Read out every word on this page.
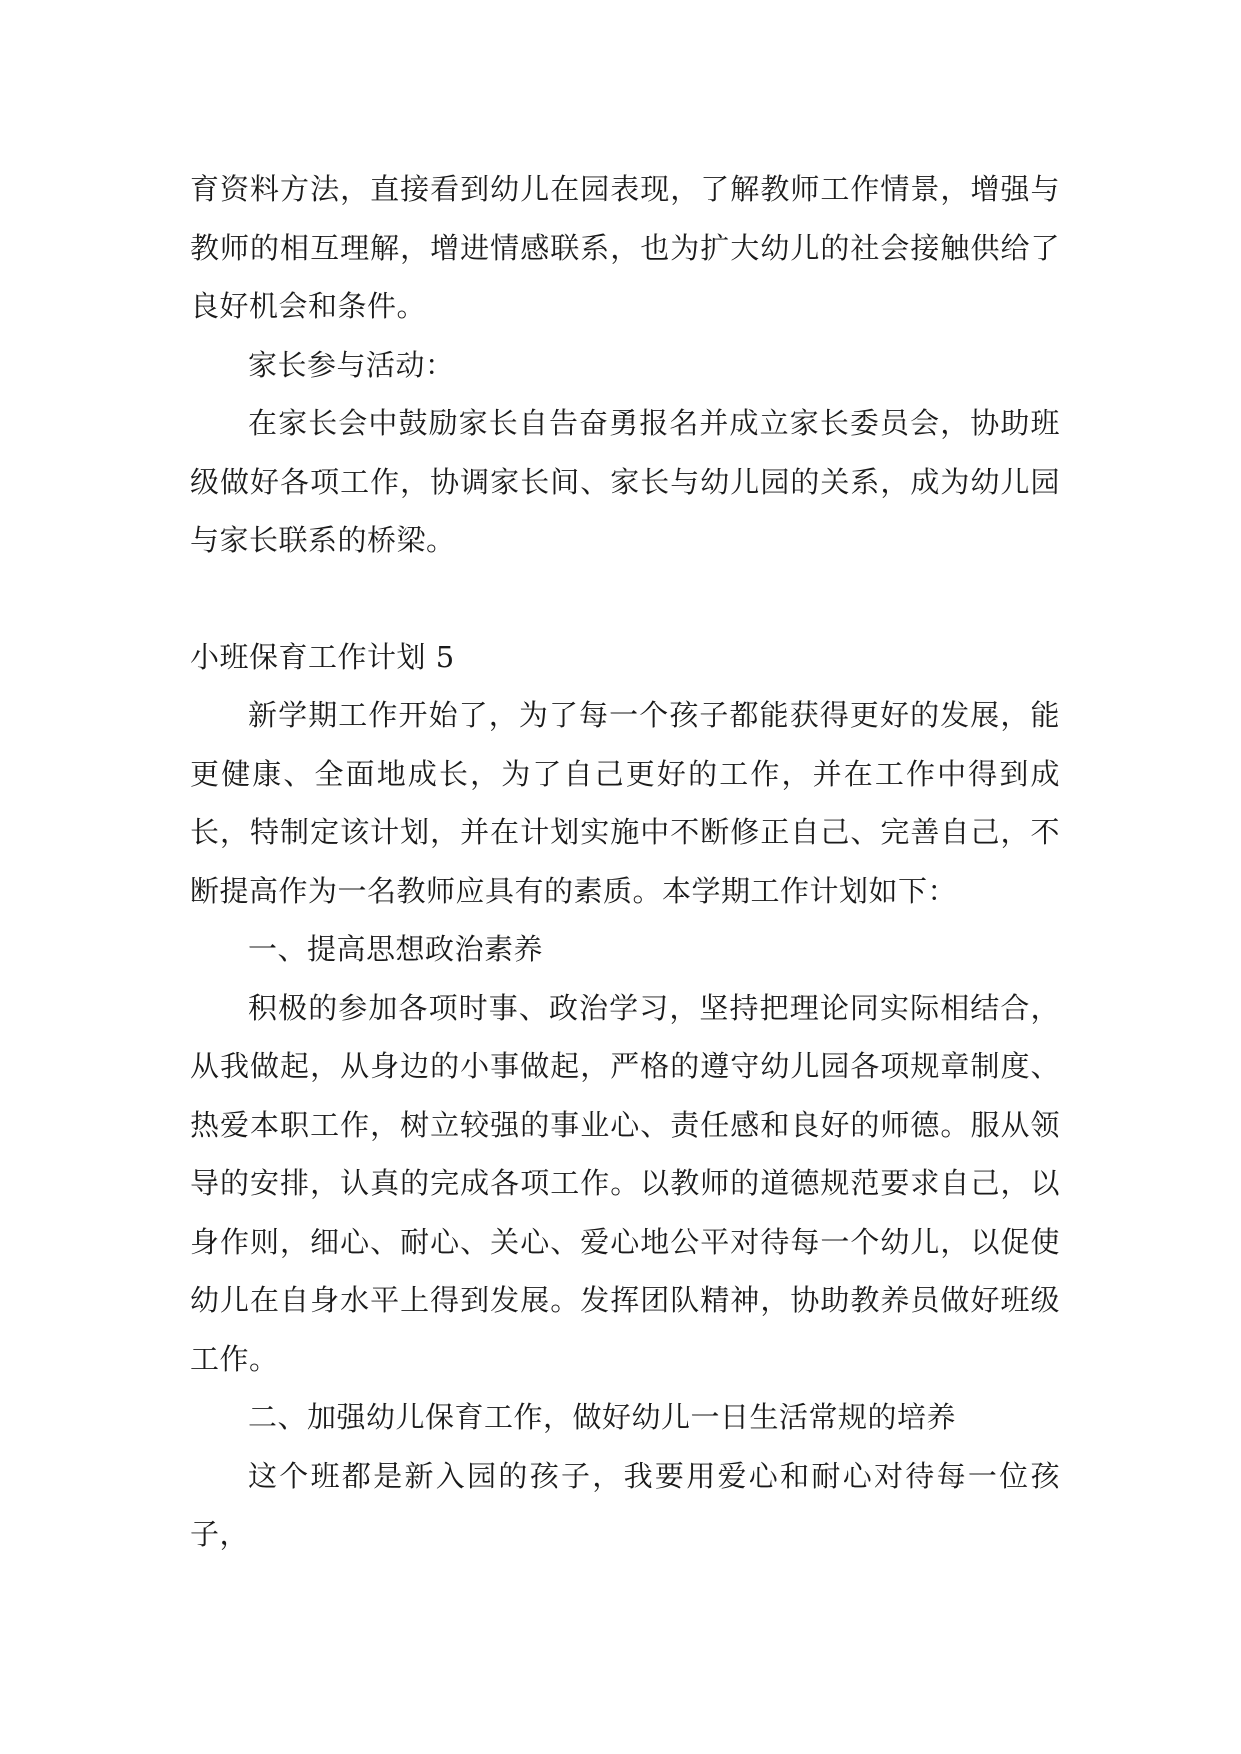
育资料方法，直接看到幼儿在园表现，了解教师工作情景，增强与教师的相互理解，增进情感联系，也为扩大幼儿的社会接触供给了良好机会和条件。

家长参与活动：

在家长会中鼓励家长自告奋勇报名并成立家长委员会，协助班级做好各项工作，协调家长间、家长与幼儿园的关系，成为幼儿园与家长联系的桥梁。

小班保育工作计划 5

新学期工作开始了，为了每一个孩子都能获得更好的发展，能更健康、全面地成长，为了自己更好的工作，并在工作中得到成长，特制定该计划，并在计划实施中不断修正自己、完善自己，不断提高作为一名教师应具有的素质。本学期工作计划如下：

一、提高思想政治素养

积极的参加各项时事、政治学习，坚持把理论同实际相结合，从我做起，从身边的小事做起，严格的遵守幼儿园各项规章制度、热爱本职工作，树立较强的事业心、责任感和良好的师德。服从领导的安排，认真的完成各项工作。以教师的道德规范要求自己，以身作则，细心、耐心、关心、爱心地公平对待每一个幼儿，以促使幼儿在自身水平上得到发展。发挥团队精神，协助教养员做好班级工作。

二、加强幼儿保育工作，做好幼儿一日生活常规的培养

这个班都是新入园的孩子，我要用爱心和耐心对待每一位孩子，
